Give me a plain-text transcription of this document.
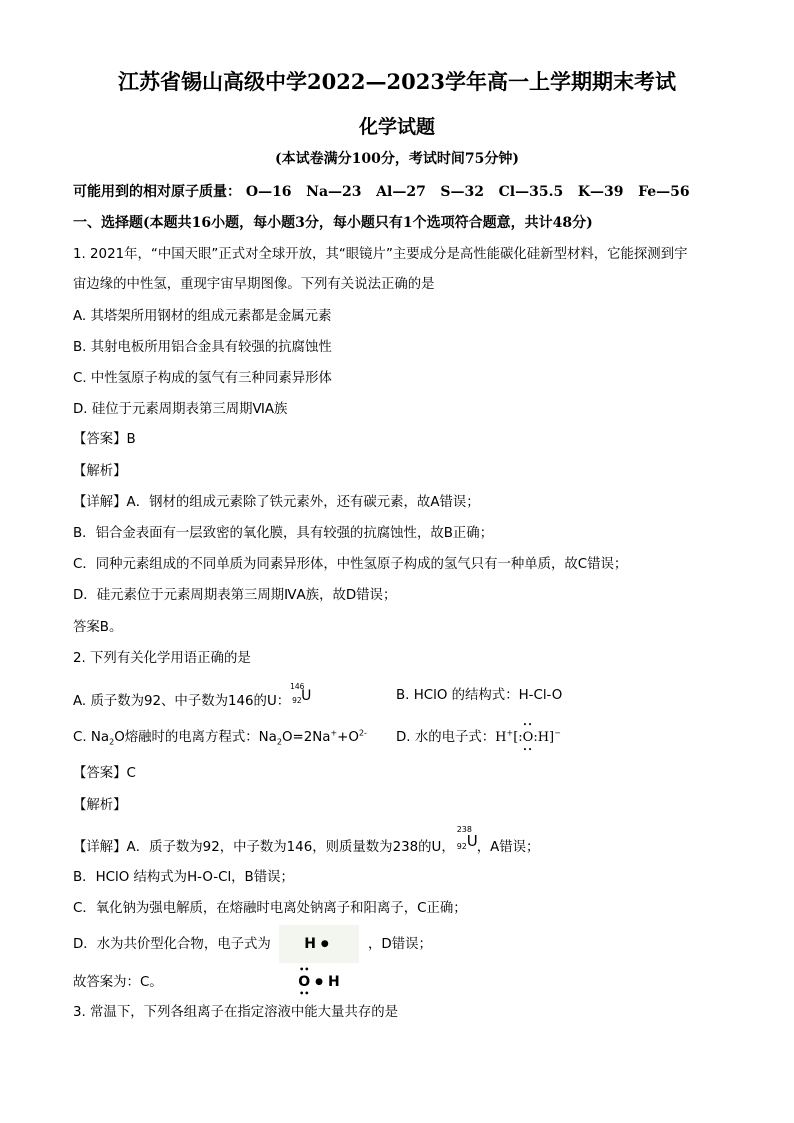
江苏省锡山高级中学2022—2023学年高一上学期期末考试
化学试题
(本试卷满分100分，考试时间75分钟)
可能用到的相对原子质量： O—16   Na—23   Al—27   S—32   Cl—35.5   K—39   Fe—56
一、选择题(本题共16小题，每小题3分，每小题只有1个选项符合题意，共计48分)
1. 2021年，“中国天眼”正式对全球开放，其“眼镜片”主要成分是高性能碳化硅新型材料，它能探测到宇
宙边缘的中性氢，重现宇宙早期图像。下列有关说法正确的是
A. 其塔架所用钢材的组成元素都是金属元素
B. 其射电板所用铝合金具有较强的抗腐蚀性
C. 中性氢原子构成的氢气有三种同素异形体
D. 硅位于元素周期表第三周期ⅥA族
【答案】B
【解析】
【详解】A．钢材的组成元素除了铁元素外，还有碳元素，故A错误；
B．铝合金表面有一层致密的氧化膜，具有较强的抗腐蚀性，故B正确；
C．同种元素组成的不同单质为同素异形体，中性氢原子构成的氢气只有一种单质，故C错误；
D．硅元素位于元素周期表第三周期ⅣA族，故D错误；
答案B。
2. 下列有关化学用语正确的是
A. 质子数为92、中子数为146的U：
146
92 U	B. HClO 的结构式：H-Cl-O
C. $Na_2O$熔融时的电离方程式：$Na_2O=2Na^++O^{2-}$ D. 水的电子式：H+[:
••
O
••
:H]−
【答案】C
【解析】
【详解】A．质子数为92，中子数为146，则质量数为238的U，
238
92 U ，A错误；
B．HClO 结构式为H-O-Cl，B错误；
C．氧化钠为强电解质，在熔融时电离处钠离子和阳离子，C正确；
D．水为共价型化合物，电子式为	H ●

••
O
••
● H
，D错误；
故答案为：C。
3. 常温下，下列各组离子在指定溶液中能大量共存的是
